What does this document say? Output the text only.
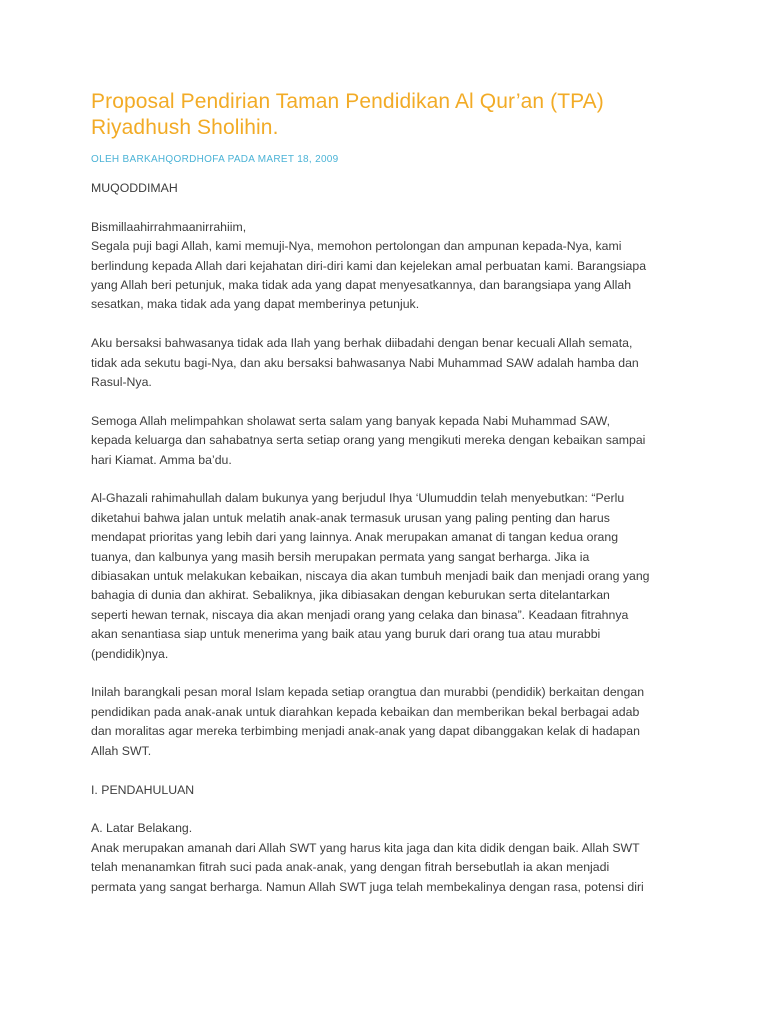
Proposal Pendirian Taman Pendidikan Al Qur’an (TPA)
Riyadhush Sholihin.
OLEH BARKAHQORDHOFA PADA MARET 18, 2009

MUQODDIMAH

Bismillaahirrahmaanirrahiim,
Segala puji bagi Allah, kami memuji-Nya, memohon pertolongan dan ampunan kepada-Nya, kami
berlindung kepada Allah dari kejahatan diri-diri kami dan kejelekan amal perbuatan kami. Barangsiapa
yang Allah beri petunjuk, maka tidak ada yang dapat menyesatkannya, dan barangsiapa yang Allah
sesatkan, maka tidak ada yang dapat memberinya petunjuk.

Aku bersaksi bahwasanya tidak ada Ilah yang berhak diibadahi dengan benar kecuali Allah semata,
tidak ada sekutu bagi-Nya, dan aku bersaksi bahwasanya Nabi Muhammad SAW adalah hamba dan
Rasul-Nya.

Semoga Allah melimpahkan sholawat serta salam yang banyak kepada Nabi Muhammad SAW,
kepada keluarga dan sahabatnya serta setiap orang yang mengikuti mereka dengan kebaikan sampai
hari Kiamat. Amma ba’du.

Al-Ghazali rahimahullah dalam bukunya yang berjudul Ihya ‘Ulumuddin telah menyebutkan: “Perlu
diketahui bahwa jalan untuk melatih anak-anak termasuk urusan yang paling penting dan harus
mendapat prioritas yang lebih dari yang lainnya. Anak merupakan amanat di tangan kedua orang
tuanya, dan kalbunya yang masih bersih merupakan permata yang sangat berharga. Jika ia
dibiasakan untuk melakukan kebaikan, niscaya dia akan tumbuh menjadi baik dan menjadi orang yang
bahagia di dunia dan akhirat. Sebaliknya, jika dibiasakan dengan keburukan serta ditelantarkan
seperti hewan ternak, niscaya dia akan menjadi orang yang celaka dan binasa”. Keadaan fitrahnya
akan senantiasa siap untuk menerima yang baik atau yang buruk dari orang tua atau murabbi
(pendidik)nya.

Inilah barangkali pesan moral Islam kepada setiap orangtua dan murabbi (pendidik) berkaitan dengan
pendidikan pada anak-anak untuk diarahkan kepada kebaikan dan memberikan bekal berbagai adab
dan moralitas agar mereka terbimbing menjadi anak-anak yang dapat dibanggakan kelak di hadapan
Allah SWT.

I. PENDAHULUAN

A. Latar Belakang.
Anak merupakan amanah dari Allah SWT yang harus kita jaga dan kita didik dengan baik. Allah SWT
telah menanamkan fitrah suci pada anak-anak, yang dengan fitrah bersebutlah ia akan menjadi
permata yang sangat berharga. Namun Allah SWT juga telah membekalinya dengan rasa, potensi diri
